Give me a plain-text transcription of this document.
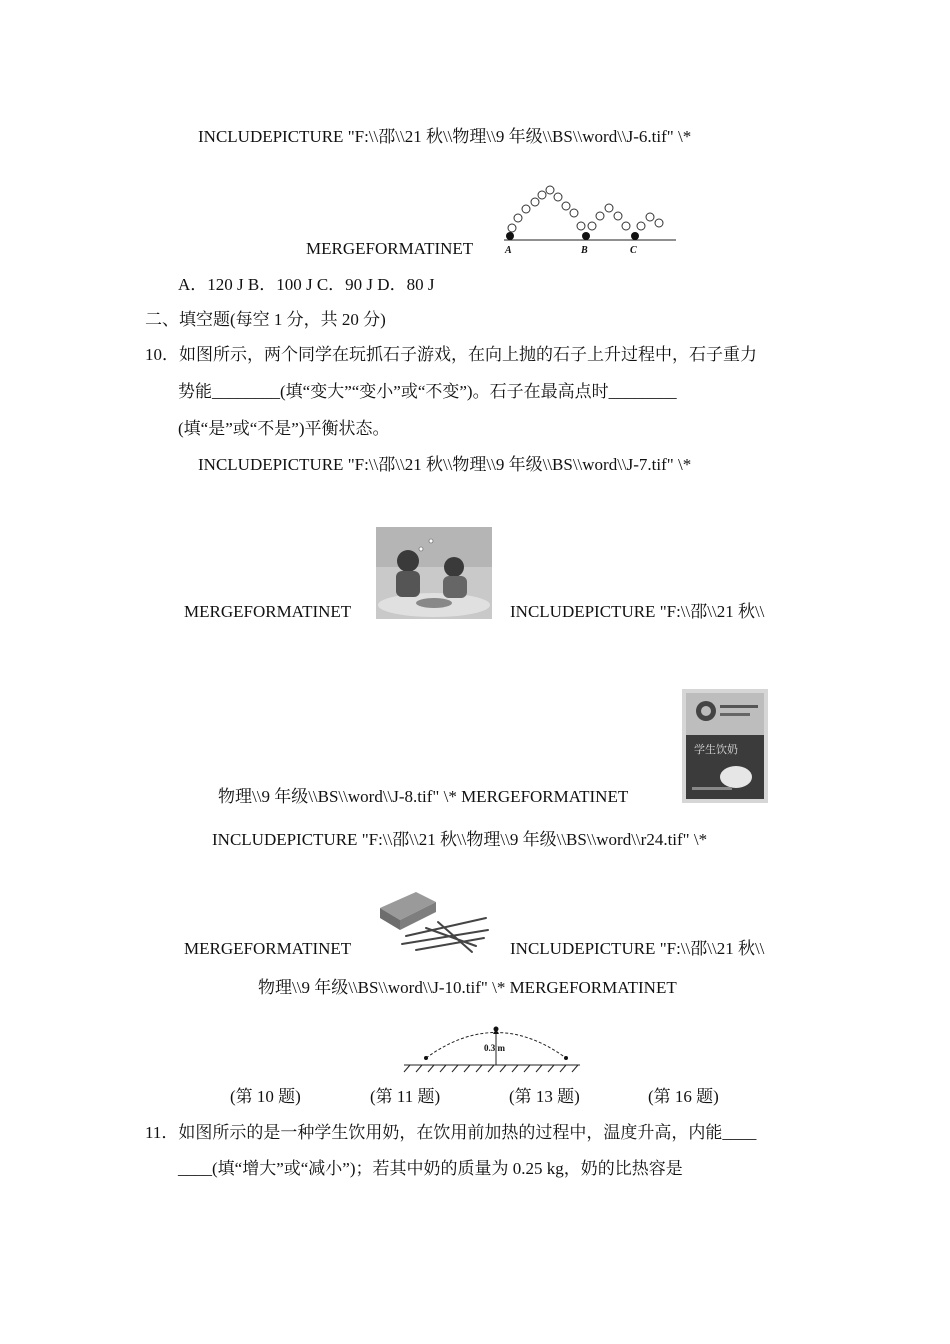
INCLUDEPICTURE "F:\\邵\\21 秋\\物理\\9 年级\\BS\\word\\J-6.tif" \*
A	B	C
MERGEFORMATINET
A．120 J B．100 J C．90 J D．80 J
二、填空题(每空 1 分，共 20 分)
10．如图所示，两个同学在玩抓石子游戏，在向上抛的石子上升过程中，石子重力
势能________(填“变大”“变小”或“不变”)。石子在最高点时________
(填“是”或“不是”)平衡状态。
INCLUDEPICTURE "F:\\邵\\21 秋\\物理\\9 年级\\BS\\word\\J-7.tif" \*
MERGEFORMATINET	INCLUDEPICTURE "F:\\邵\\21 秋\\
学生饮奶
物理\\9 年级\\BS\\word\\J-8.tif" \* MERGEFORMATINET
INCLUDEPICTURE "F:\\邵\\21 秋\\物理\\9 年级\\BS\\word\\r24.tif" \*
MERGEFORMATINET	INCLUDEPICTURE "F:\\邵\\21 秋\\
物理\\9 年级\\BS\\word\\J-10.tif" \* MERGEFORMATINET
0.3 m
(第 10 题)	(第 11 题)	(第 13 题)	(第 16 题)
11．如图所示的是一种学生饮用奶，在饮用前加热的过程中，温度升高，内能____
____(填“增大”或“减小”)；若其中奶的质量为 0.25 kg，奶的比热容是
